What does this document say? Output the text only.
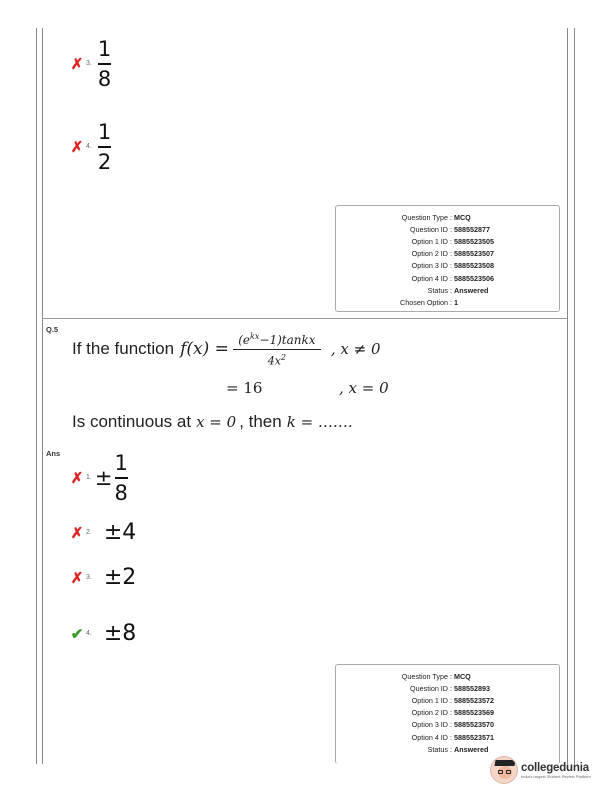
✗ 3. $\frac{1}{8}$
✗ 4. $\frac{1}{2}$
Question Type : MCQ
Question ID : 588552877
Option 1 ID : 5885523505
Option 2 ID : 5885523507
Option 3 ID : 5885523508
Option 4 ID : 5885523506
Status : Answered
Chosen Option : 1
Q.5
If the function $f(x) = (e^{kx}-1)tankx$
$4x^2$	, x ≠ 0
= 16	, x = 0
Is continuous at x = 0 , then k = …….
Ans
✗ 1. ± $\frac{1}{8}$
✗ 2. ±4
✗ 3. ±2
✔ 4. ±8
Question Type : MCQ
Question ID : 588552893
Option 1 ID : 5885523572
Option 2 ID : 5885523569
Option 3 ID : 5885523570
Option 4 ID : 5885523571
Status : Answered
collegedunia
India's largest Student Review Platform
